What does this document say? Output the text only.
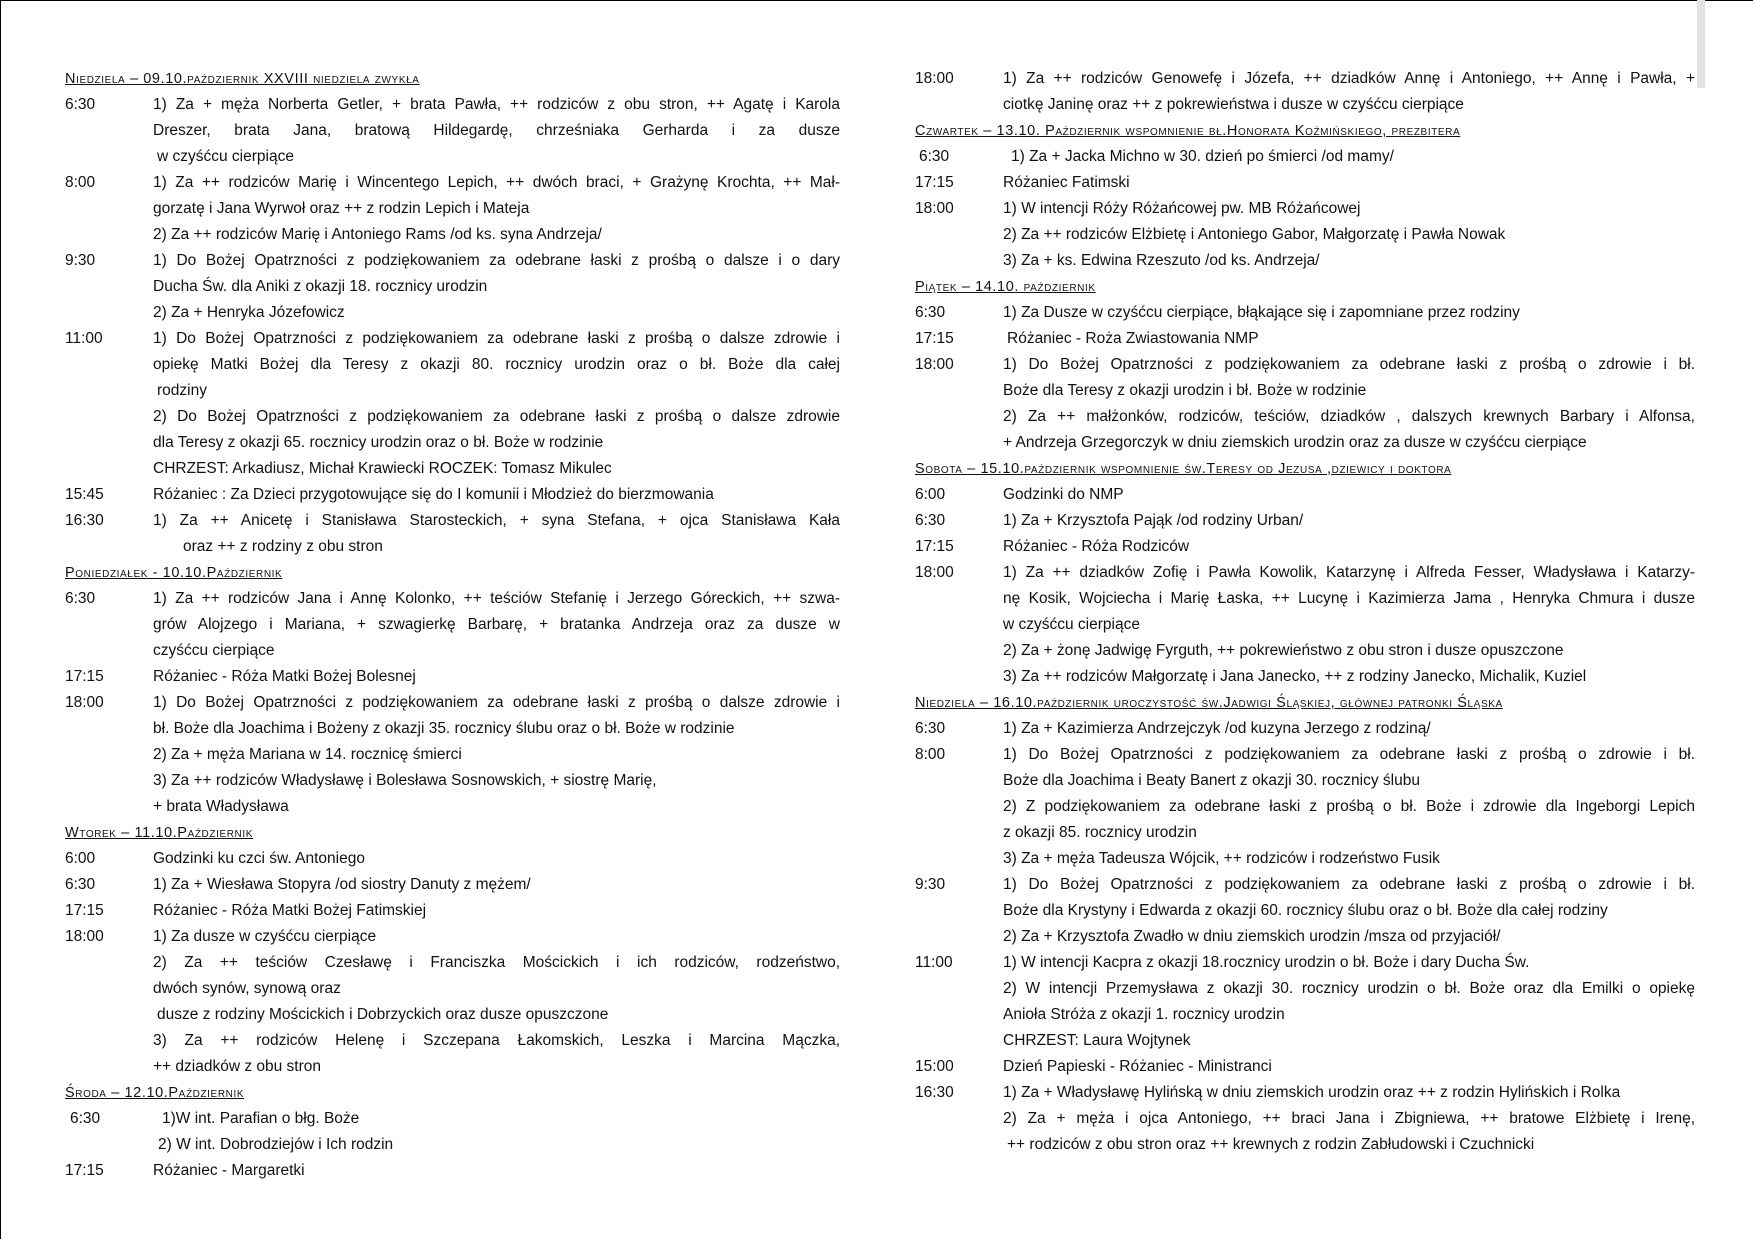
Niedziela – 09.10.październik XXVIII niedziela zwykła
6:30	1) Za + męża Norberta Getler, + brata Pawła, ++ rodziców z obu stron, ++ Agatę i Karola
Dreszer, brata Jana, bratową Hildegardę, chrześniaka Gerharda i za dusze
w czyśćcu cierpiące
8:00	1) Za ++ rodziców Marię i Wincentego Lepich, ++ dwóch braci, + Grażynę Krochta, ++ Mał-
gorzatę i Jana Wyrwoł oraz ++ z rodzin Lepich i Mateja
2) Za ++ rodziców Marię i Antoniego Rams /od ks. syna Andrzeja/
9:30	1) Do Bożej Opatrzności z podziękowaniem za odebrane łaski z prośbą o dalsze i o dary
Ducha Św. dla Aniki z okazji 18. rocznicy urodzin
2) Za + Henryka Józefowicz
11:00	1) Do Bożej Opatrzności z podziękowaniem za odebrane łaski z prośbą o dalsze zdrowie i
opiekę Matki Bożej dla Teresy z okazji 80. rocznicy urodzin oraz o bł. Boże dla całej
rodziny
2) Do Bożej Opatrzności z podziękowaniem za odebrane łaski z prośbą o dalsze zdrowie
dla Teresy z okazji 65. rocznicy urodzin oraz o bł. Boże w rodzinie
CHRZEST: Arkadiusz, Michał Krawiecki ROCZEK: Tomasz Mikulec
15:45	Różaniec : Za Dzieci przygotowujące się do I komunii i Młodzież do bierzmowania
16:30	1) Za ++ Anicetę i Stanisława Starosteckich, + syna Stefana, + ojca Stanisława Kała
oraz ++ z rodziny z obu stron
Poniedziałek - 10.10.Październik
6:30	1) Za ++ rodziców Jana i Annę Kolonko, ++ teściów Stefanię i Jerzego Góreckich, ++ szwa-
grów Alojzego i Mariana, + szwagierkę Barbarę, + bratanka Andrzeja oraz za dusze w
czyśćcu cierpiące
17:15	Różaniec - Róża Matki Bożej Bolesnej
18:00	1) Do Bożej Opatrzności z podziękowaniem za odebrane łaski z prośbą o dalsze zdrowie i
bł. Boże dla Joachima i Bożeny z okazji 35. rocznicy ślubu oraz o bł. Boże w rodzinie
2) Za + męża Mariana w 14. rocznicę śmierci
3) Za ++ rodziców Władysławę i Bolesława Sosnowskich, + siostrę Marię,
+ brata Władysława
Wtorek – 11.10.Październik
6:00	Godzinki ku czci św. Antoniego
6:30	1) Za + Wiesława Stopyra /od siostry Danuty z mężem/
17:15	Różaniec - Róża Matki Bożej Fatimskiej
18:00	1) Za dusze w czyśćcu cierpiące
2) Za ++ teściów Czesławę i Franciszka Mościckich i ich rodziców, rodzeństwo,
dwóch synów, synową oraz
dusze z rodziny Mościckich i Dobrzyckich oraz dusze opuszczone
3) Za ++ rodziców Helenę i Szczepana Łakomskich, Leszka i Marcina Mączka,
++ dziadków z obu stron
Środa – 12.10.Październik
6:30	1)W int. Parafian o błg. Boże
2) W int. Dobrodziejów i Ich rodzin
17:15	Różaniec - Margaretki
18:00	1) Za ++ rodziców Genowefę i Józefa, ++ dziadków Annę i Antoniego, ++ Annę i Pawła, +
ciotkę Janinę oraz ++ z pokrewieństwa i dusze w czyśćcu cierpiące
Czwartek – 13.10. Październik wspomnienie bł.Honorata Koźmińskiego, prezbitera
6:30	1) Za + Jacka Michno w 30. dzień po śmierci /od mamy/
17:15	Różaniec Fatimski
18:00	1) W intencji Róży Różańcowej pw. MB Różańcowej
2) Za ++ rodziców Elżbietę i Antoniego Gabor, Małgorzatę i Pawła Nowak
3) Za + ks. Edwina Rzeszuto /od ks. Andrzeja/
Piątek – 14.10. październik
6:30	1) Za Dusze w czyśćcu cierpiące, błąkające się i zapomniane przez rodziny
17:15	Różaniec - Roża Zwiastowania NMP
18:00	1) Do Bożej Opatrzności z podziękowaniem za odebrane łaski z prośbą o zdrowie i bł.
Boże dla Teresy z okazji urodzin i bł. Boże w rodzinie
2) Za ++ małżonków, rodziców, teściów, dziadków , dalszych krewnych Barbary i Alfonsa,
+ Andrzeja Grzegorczyk w dniu ziemskich urodzin oraz za dusze w czyśćcu cierpiące
Sobota – 15.10.październik wspomnienie św.Teresy od Jezusa ,dziewicy i doktora
6:00	Godzinki do NMP
6:30	1) Za + Krzysztofa Pająk /od rodziny Urban/
17:15	Różaniec - Róża Rodziców
18:00	1) Za ++ dziadków Zofię i Pawła Kowolik, Katarzynę i Alfreda Fesser, Władysława i Katarzy-
nę Kosik, Wojciecha i Marię Łaska, ++ Lucynę i Kazimierza Jama , Henryka Chmura i dusze
w czyśćcu cierpiące
2) Za + żonę Jadwigę Fyrguth, ++ pokrewieństwo z obu stron i dusze opuszczone
3) Za ++ rodziców Małgorzatę i Jana Janecko, ++ z rodziny Janecko, Michalik, Kuziel
Niedziela – 16.10.październik uroczystość św.Jadwigi Śląskiej, głównej patronki Śląska
6:30	1) Za + Kazimierza Andrzejczyk /od kuzyna Jerzego z rodziną/
8:00	1) Do Bożej Opatrzności z podziękowaniem za odebrane łaski z prośbą o zdrowie i bł.
Boże dla Joachima i Beaty Banert z okazji 30. rocznicy ślubu
2) Z podziękowaniem za odebrane łaski z prośbą o bł. Boże i zdrowie dla Ingeborgi Lepich
z okazji 85. rocznicy urodzin
3) Za + męża Tadeusza Wójcik, ++ rodziców i rodzeństwo Fusik
9:30	1) Do Bożej Opatrzności z podziękowaniem za odebrane łaski z prośbą o zdrowie i bł.
Boże dla Krystyny i Edwarda z okazji 60. rocznicy ślubu oraz o bł. Boże dla całej rodziny
2) Za + Krzysztofa Zwadło w dniu ziemskich urodzin /msza od przyjaciół/
11:00	1) W intencji Kacpra z okazji 18.rocznicy urodzin o bł. Boże i dary Ducha Św.
2) W intencji Przemysława z okazji 30. rocznicy urodzin o bł. Boże oraz dla Emilki o opiekę
Anioła Stróża z okazji 1. rocznicy urodzin
CHRZEST: Laura Wojtynek
15:00	Dzień Papieski - Różaniec - Ministranci
16:30	1) Za + Władysławę Hylińską w dniu ziemskich urodzin oraz ++ z rodzin Hylińskich i Rolka
2) Za + męża i ojca Antoniego, ++ braci Jana i Zbigniewa, ++ bratowe Elżbietę i Irenę,
++ rodziców z obu stron oraz ++ krewnych z rodzin Zabłudowski i Czuchnicki
